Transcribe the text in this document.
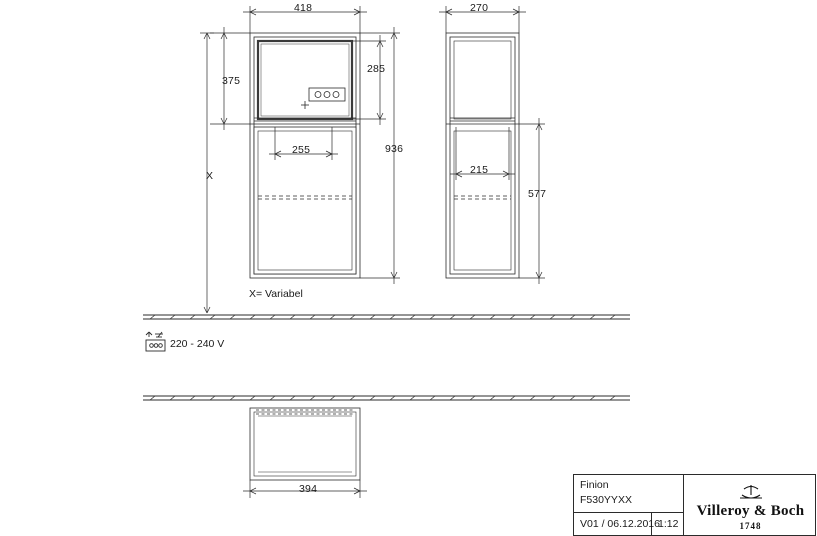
418	270
285
375
936
255
215
577
X
394
X= Variabel
220 - 240 V
Finion
F530YYXX
V01 / 06.12.2016
1:12
Villeroy & Boch
1748
